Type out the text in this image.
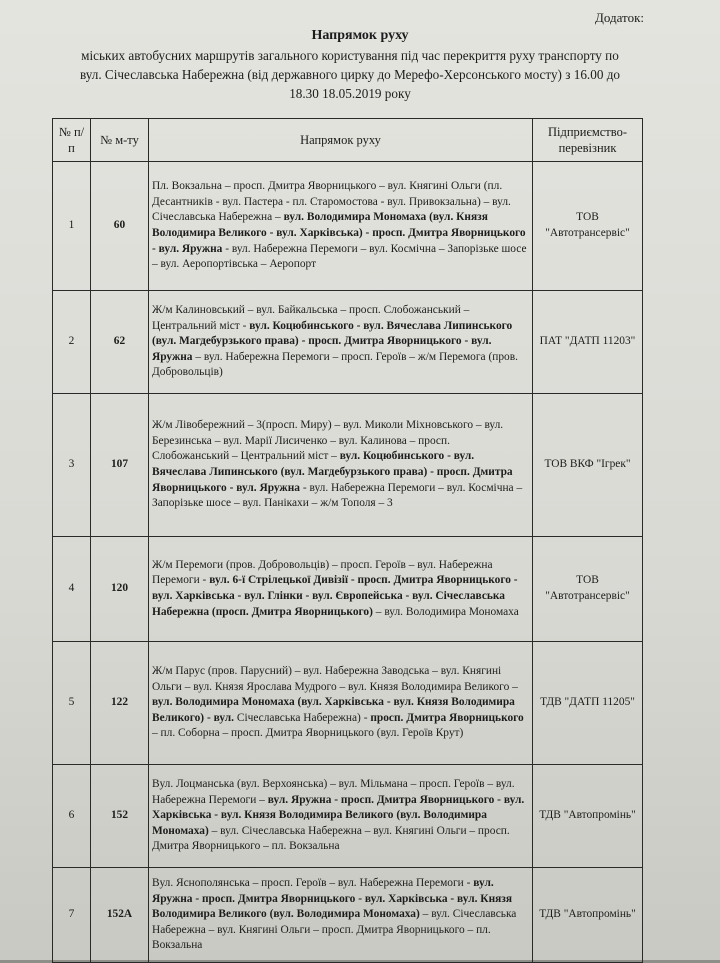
Додаток:
Напрямок руху
міських автобусних маршрутів загального користування під час перекриття руху транспорту по вул. Січеславська Набережна (від державного цирку до Мерефо-Херсонського мосту) з 16.00 до 18.30 18.05.2019 року
№ п/п	№ м-ту	Напрямок руху	Підприємство-перевізник
1	60	Пл. Вокзальна – просп. Дмитра Яворницького – вул. Княгині Ольги (пл. Десантників - вул. Пастера - пл. Старомостова - вул. Привокзальна) – вул. Січеславська Набережна – вул. Володимира Мономаха (вул. Князя Володимира Великого - вул. Харківська) - просп. Дмитра Яворницького - вул. Яружна - вул. Набережна Перемоги – вул. Космічна – Запорізьке шосе – вул. Аеропортівська – Аеропорт	ТОВ "Автотрансервіс"
2	62	Ж/м Калиновський – вул. Байкальська – просп. Слобожанський – Центральний міст - вул. Коцюбинського - вул. Вячеслава Липинського (вул. Магдебурзького права) - просп. Дмитра Яворницького - вул. Яружна – вул. Набережна Перемоги – просп. Героїв – ж/м Перемога (пров. Добровольців)	ПАТ "ДАТП 11203"
3	107	Ж/м Лівобережний – 3(просп. Миру) – вул. Миколи Міхновського – вул. Березинська – вул. Марії Лисиченко – вул. Калинова – просп. Слобожанський – Центральний міст – вул. Коцюбинського - вул. Вячеслава Липинського (вул. Магдебурзького права) - просп. Дмитра Яворницького - вул. Яружна - вул. Набережна Перемоги – вул. Космічна – Запорізьке шосе – вул. Панікахи – ж/м Тополя – 3	ТОВ ВКФ "Ігрек"
4	120	Ж/м Перемоги (пров. Добровольців) – просп. Героїв – вул. Набережна Перемоги - вул. 6-ї Стрілецької Дивізії - просп. Дмитра Яворницького - вул. Харківська - вул. Глінки - вул. Європейська - вул. Січеславська Набережна (просп. Дмитра Яворницького) – вул. Володимира Мономаха	ТОВ "Автотрансервіс"
5	122	Ж/м Парус (пров. Парусний) – вул. Набережна Заводська – вул. Княгині Ольги – вул. Князя Ярослава Мудрого – вул. Князя Володимира Великого – вул. Володимира Мономаха (вул. Харківська - вул. Князя Володимира Великого) - вул. Січеславська Набережна) - просп. Дмитра Яворницького – пл. Соборна – просп. Дмитра Яворницького (вул. Героїв Крут)	ТДВ "ДАТП 11205"
6	152	Вул. Лоцманська (вул. Верхоянська) – вул. Мільмана – просп. Героїв – вул. Набережна Перемоги – вул. Яружна - просп. Дмитра Яворницького - вул. Харківська - вул. Князя Володимира Великого (вул. Володимира Мономаха) – вул. Січеславська Набережна – вул. Княгині Ольги – просп. Дмитра Яворницького – пл. Вокзальна	ТДВ "Автопромінь"
7	152А	Вул. Яснополянська – просп. Героїв – вул. Набережна Перемоги - вул. Яружна - просп. Дмитра Яворницького - вул. Харківська - вул. Князя Володимира Великого (вул. Володимира Мономаха) – вул. Січеславська Набережна – вул. Княгині Ольги – просп. Дмитра Яворницького – пл. Вокзальна	ТДВ "Автопромінь"
